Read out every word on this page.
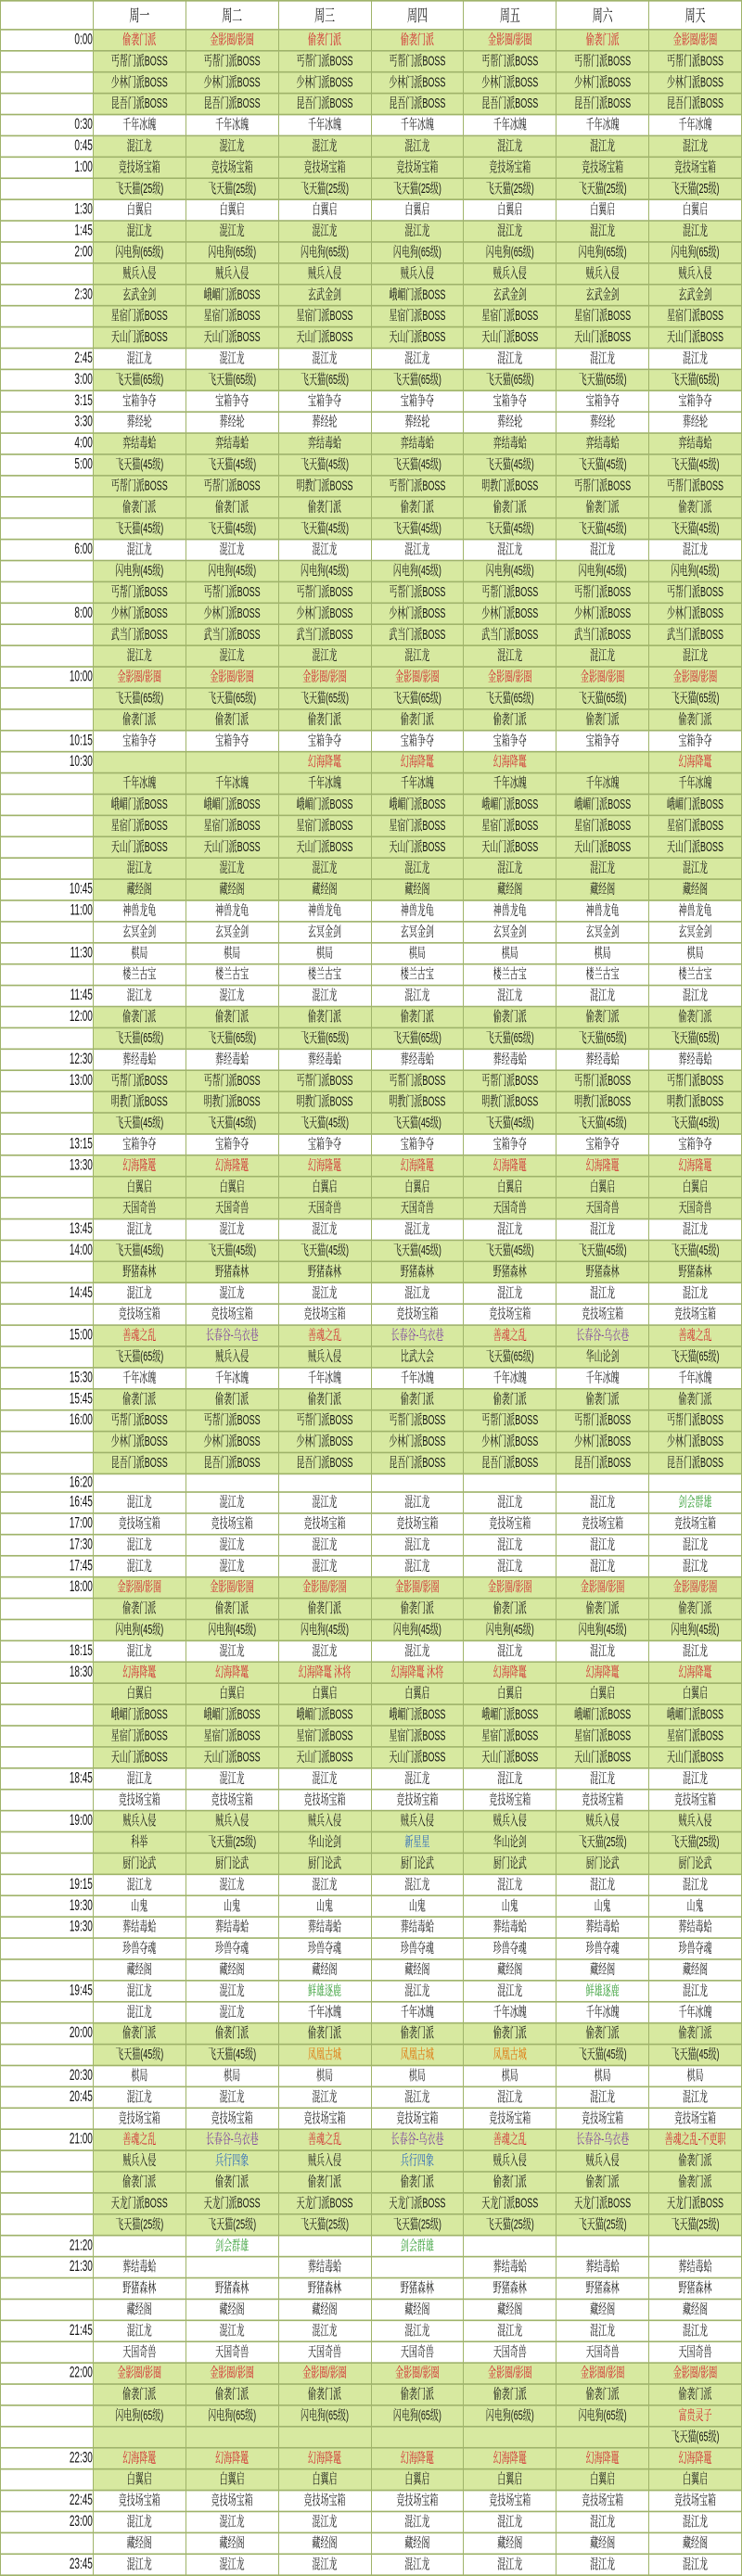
	周一	周二	周三	周四	周五	周六	周天
0:00	偷袭门派	金影圈/影圈	偷袭门派	偷袭门派	金影圈/影圈	偷袭门派	金影圈/影圈

	丐帮门派BOSS	丐帮门派BOSS	丐帮门派BOSS	丐帮门派BOSS	丐帮门派BOSS	丐帮门派BOSS	丐帮门派BOSS

	少林门派BOSS	少林门派BOSS	少林门派BOSS	少林门派BOSS	少林门派BOSS	少林门派BOSS	少林门派BOSS

	昆吾门派BOSS	昆吾门派BOSS	昆吾门派BOSS	昆吾门派BOSS	昆吾门派BOSS	昆吾门派BOSS	昆吾门派BOSS

0:30	千年冰魄	千年冰魄	千年冰魄	千年冰魄	千年冰魄	千年冰魄	千年冰魄

0:45	混江龙	混江龙	混江龙	混江龙	混江龙	混江龙	混江龙

1:00	竞技场宝箱	竞技场宝箱	竞技场宝箱	竞技场宝箱	竞技场宝箱	竞技场宝箱	竞技场宝箱

	飞天猫(25级)	飞天猫(25级)	飞天猫(25级)	飞天猫(25级)	飞天猫(25级)	飞天猫(25级)	飞天猫(25级)

1:30	白翼启	白翼启	白翼启	白翼启	白翼启	白翼启	白翼启

1:45	混江龙	混江龙	混江龙	混江龙	混江龙	混江龙	混江龙

2:00	闪电狗(65级)	闪电狗(65级)	闪电狗(65级)	闪电狗(65级)	闪电狗(65级)	闪电狗(65级)	闪电狗(65级)

	贼兵入侵	贼兵入侵	贼兵入侵	贼兵入侵	贼兵入侵	贼兵入侵	贼兵入侵

2:30	玄武金剑	峨嵋门派BOSS	玄武金剑	峨嵋门派BOSS	玄武金剑	玄武金剑	玄武金剑

	星宿门派BOSS	星宿门派BOSS	星宿门派BOSS	星宿门派BOSS	星宿门派BOSS	星宿门派BOSS	星宿门派BOSS

	天山门派BOSS	天山门派BOSS	天山门派BOSS	天山门派BOSS	天山门派BOSS	天山门派BOSS	天山门派BOSS

2:45	混江龙	混江龙	混江龙	混江龙	混江龙	混江龙	混江龙

3:00	飞天猫(65级)	飞天猫(65级)	飞天猫(65级)	飞天猫(65级)	飞天猫(65级)	飞天猫(65级)	飞天猫(65级)

3:15	宝箱争夺	宝箱争夺	宝箱争夺	宝箱争夺	宝箱争夺	宝箱争夺	宝箱争夺

3:30	葬经轮	葬经轮	葬经轮	葬经轮	葬经轮	葬经轮	葬经轮

4:00	弈结毒蛤	弈结毒蛤	弈结毒蛤	弈结毒蛤	弈结毒蛤	弈结毒蛤	弈结毒蛤

5:00	飞天猫(45级)	飞天猫(45级)	飞天猫(45级)	飞天猫(45级)	飞天猫(45级)	飞天猫(45级)	飞天猫(45级)

	丐帮门派BOSS	丐帮门派BOSS	明教门派BOSS	丐帮门派BOSS	明教门派BOSS	丐帮门派BOSS	丐帮门派BOSS

	偷袭门派	偷袭门派	偷袭门派	偷袭门派	偷袭门派	偷袭门派	偷袭门派

	飞天猫(45级)	飞天猫(45级)	飞天猫(45级)	飞天猫(45级)	飞天猫(45级)	飞天猫(45级)	飞天猫(45级)

6:00	混江龙	混江龙	混江龙	混江龙	混江龙	混江龙	混江龙

	闪电狗(45级)	闪电狗(45级)	闪电狗(45级)	闪电狗(45级)	闪电狗(45级)	闪电狗(45级)	闪电狗(45级)

	丐帮门派BOSS	丐帮门派BOSS	丐帮门派BOSS	丐帮门派BOSS	丐帮门派BOSS	丐帮门派BOSS	丐帮门派BOSS

8:00	少林门派BOSS	少林门派BOSS	少林门派BOSS	少林门派BOSS	少林门派BOSS	少林门派BOSS	少林门派BOSS

	武当门派BOSS	武当门派BOSS	武当门派BOSS	武当门派BOSS	武当门派BOSS	武当门派BOSS	武当门派BOSS

	混江龙	混江龙	混江龙	混江龙	混江龙	混江龙	混江龙

10:00	金影圈/影圈	金影圈/影圈	金影圈/影圈	金影圈/影圈	金影圈/影圈	金影圈/影圈	金影圈/影圈

	飞天猫(65级)	飞天猫(65级)	飞天猫(65级)	飞天猫(65级)	飞天猫(65级)	飞天猫(65级)	飞天猫(65级)

	偷袭门派	偷袭门派	偷袭门派	偷袭门派	偷袭门派	偷袭门派	偷袭门派

10:15	宝箱争夺	宝箱争夺	宝箱争夺	宝箱争夺	宝箱争夺	宝箱争夺	宝箱争夺

10:30			幻海降鼍	幻海降鼍	幻海降鼍		幻海降鼍

	千年冰魄	千年冰魄	千年冰魄	千年冰魄	千年冰魄	千年冰魄	千年冰魄

	峨嵋门派BOSS	峨嵋门派BOSS	峨嵋门派BOSS	峨嵋门派BOSS	峨嵋门派BOSS	峨嵋门派BOSS	峨嵋门派BOSS

	星宿门派BOSS	星宿门派BOSS	星宿门派BOSS	星宿门派BOSS	星宿门派BOSS	星宿门派BOSS	星宿门派BOSS

	天山门派BOSS	天山门派BOSS	天山门派BOSS	天山门派BOSS	天山门派BOSS	天山门派BOSS	天山门派BOSS

	混江龙	混江龙	混江龙	混江龙	混江龙	混江龙	混江龙

10:45	藏经阁	藏经阁	藏经阁	藏经阁	藏经阁	藏经阁	藏经阁

11:00	神兽龙龟	神兽龙龟	神兽龙龟	神兽龙龟	神兽龙龟	神兽龙龟	神兽龙龟

	玄冥金剑	玄冥金剑	玄冥金剑	玄冥金剑	玄冥金剑	玄冥金剑	玄冥金剑

11:30	棋局	棋局	棋局	棋局	棋局	棋局	棋局

	楼兰古宝	楼兰古宝	楼兰古宝	楼兰古宝	楼兰古宝	楼兰古宝	楼兰古宝

11:45	混江龙	混江龙	混江龙	混江龙	混江龙	混江龙	混江龙

12:00	偷袭门派	偷袭门派	偷袭门派	偷袭门派	偷袭门派	偷袭门派	偷袭门派

	飞天猫(65级)	飞天猫(65级)	飞天猫(65级)	飞天猫(65级)	飞天猫(65级)	飞天猫(65级)	飞天猫(65级)

12:30	葬经毒蛤	葬经毒蛤	葬经毒蛤	葬经毒蛤	葬经毒蛤	葬经毒蛤	葬经毒蛤

13:00	丐帮门派BOSS	丐帮门派BOSS	丐帮门派BOSS	丐帮门派BOSS	丐帮门派BOSS	丐帮门派BOSS	丐帮门派BOSS

	明教门派BOSS	明教门派BOSS	明教门派BOSS	明教门派BOSS	明教门派BOSS	明教门派BOSS	明教门派BOSS

	飞天猫(45级)	飞天猫(45级)	飞天猫(45级)	飞天猫(45级)	飞天猫(45级)	飞天猫(45级)	飞天猫(45级)

13:15	宝箱争夺	宝箱争夺	宝箱争夺	宝箱争夺	宝箱争夺	宝箱争夺	宝箱争夺

13:30	幻海隆鼍	幻海隆鼍	幻海隆鼍	幻海隆鼍	幻海隆鼍	幻海隆鼍	幻海隆鼍

	白翼启	白翼启	白翼启	白翼启	白翼启	白翼启	白翼启

	天国奇兽	天国奇兽	天国奇兽	天国奇兽	天国奇兽	天国奇兽	天国奇兽

13:45	混江龙	混江龙	混江龙	混江龙	混江龙	混江龙	混江龙

14:00	飞天猫(45级)	飞天猫(45级)	飞天猫(45级)	飞天猫(45级)	飞天猫(45级)	飞天猫(45级)	飞天猫(45级)

	野猪森林	野猪森林	野猪森林	野猪森林	野猪森林	野猪森林	野猪森林

14:45	混江龙	混江龙	混江龙	混江龙	混江龙	混江龙	混江龙

	竞技场宝箱	竞技场宝箱	竞技场宝箱	竞技场宝箱	竞技场宝箱	竞技场宝箱	竞技场宝箱

15:00	善魂之乱	长春谷-乌衣巷	善魂之乱	长春谷-乌衣巷	善魂之乱	长春谷-乌衣巷	善魂之乱

	飞天猫(65级)	贼兵入侵	贼兵入侵	比武大会	飞天猫(65级)	华山论剑	飞天猫(65级)

15:30	千年冰魄	千年冰魄	千年冰魄	千年冰魄	千年冰魄	千年冰魄	千年冰魄

15:45	偷袭门派	偷袭门派	偷袭门派	偷袭门派	偷袭门派	偷袭门派	偷袭门派

16:00	丐帮门派BOSS	丐帮门派BOSS	丐帮门派BOSS	丐帮门派BOSS	丐帮门派BOSS	丐帮门派BOSS	丐帮门派BOSS

	少林门派BOSS	少林门派BOSS	少林门派BOSS	少林门派BOSS	少林门派BOSS	少林门派BOSS	少林门派BOSS

	昆吾门派BOSS	昆吾门派BOSS	昆吾门派BOSS	昆吾门派BOSS	昆吾门派BOSS	昆吾门派BOSS	昆吾门派BOSS

16:20	

16:45	混江龙	混江龙	混江龙	混江龙	混江龙	混江龙	剑会群雄

17:00	竞技场宝箱	竞技场宝箱	竞技场宝箱	竞技场宝箱	竞技场宝箱	竞技场宝箱	竞技场宝箱

17:30	混江龙	混江龙	混江龙	混江龙	混江龙	混江龙	混江龙

17:45	混江龙	混江龙	混江龙	混江龙	混江龙	混江龙	混江龙

18:00	金影圈/影圈	金影圈/影圈	金影圈/影圈	金影圈/影圈	金影圈/影圈	金影圈/影圈	金影圈/影圈

	偷袭门派	偷袭门派	偷袭门派	偷袭门派	偷袭门派	偷袭门派	偷袭门派

	闪电狗(45级)	闪电狗(45级)	闪电狗(45级)	闪电狗(45级)	闪电狗(45级)	闪电狗(45级)	闪电狗(45级)

18:15	混江龙	混江龙	混江龙	混江龙	混江龙	混江龙	混江龙

18:30	幻海降鼍	幻海降鼍	幻海降鼍 沐将	幻海降鼍 沐将	幻海降鼍	幻海降鼍	幻海降鼍

	白翼启	白翼启	白翼启	白翼启	白翼启	白翼启	白翼启

	峨嵋门派BOSS	峨嵋门派BOSS	峨嵋门派BOSS	峨嵋门派BOSS	峨嵋门派BOSS	峨嵋门派BOSS	峨嵋门派BOSS

	星宿门派BOSS	星宿门派BOSS	星宿门派BOSS	星宿门派BOSS	星宿门派BOSS	星宿门派BOSS	星宿门派BOSS

	天山门派BOSS	天山门派BOSS	天山门派BOSS	天山门派BOSS	天山门派BOSS	天山门派BOSS	天山门派BOSS

18:45	混江龙	混江龙	混江龙	混江龙	混江龙	混江龙	混江龙

	竞技场宝箱	竞技场宝箱	竞技场宝箱	竞技场宝箱	竞技场宝箱	竞技场宝箱	竞技场宝箱

19:00	贼兵入侵	贼兵入侵	贼兵入侵	贼兵入侵	贼兵入侵	贼兵入侵	贼兵入侵

	科举	飞天猫(25级)	华山论剑	新星星	华山论剑	飞天猫(25级)	飞天猫(25级)

	厨门论武	厨门论武	厨门论武	厨门论武	厨门论武	厨门论武	厨门论武

19:15	混江龙	混江龙	混江龙	混江龙	混江龙	混江龙	混江龙

19:30	山鬼	山鬼	山鬼	山鬼	山鬼	山鬼	山鬼

19:30	葬结毒蛤	葬结毒蛤	葬结毒蛤	葬结毒蛤	葬结毒蛤	葬结毒蛤	葬结毒蛤

	珍兽夺魂	珍兽夺魂	珍兽夺魂	珍兽夺魂	珍兽夺魂	珍兽夺魂	珍兽夺魂

	藏经阁	藏经阁	藏经阁	藏经阁	藏经阁	藏经阁	藏经阁

19:45	混江龙	混江龙	鲜雄逐鹿	混江龙	混江龙	鲜雄逐鹿	混江龙

	混江龙	混江龙	千年冰魄	千年冰魄	千年冰魄	千年冰魄	千年冰魄

20:00	偷袭门派	偷袭门派	偷袭门派	偷袭门派	偷袭门派	偷袭门派	偷袭门派

	飞天猫(45级)	飞天猫(45级)	凤凰古城	凤凰古城	凤凰古城	飞天猫(45级)	飞天猫(45级)

20:30	棋局	棋局	棋局	棋局	棋局	棋局	棋局

20:45	混江龙	混江龙	混江龙	混江龙	混江龙	混江龙	混江龙

	竞技场宝箱	竞技场宝箱	竞技场宝箱	竞技场宝箱	竞技场宝箱	竞技场宝箱	竞技场宝箱

21:00	善魂之乱	长春谷-乌衣巷	善魂之乱	长春谷-乌衣巷	善魂之乱	长春谷-乌衣巷	善魂之乱-不更职

	贼兵入侵	兵行四象	贼兵入侵	兵行四象	贼兵入侵	贼兵入侵	偷袭门派

	偷袭门派	偷袭门派	偷袭门派	偷袭门派	偷袭门派	偷袭门派	偷袭门派

	天龙门派BOSS	天龙门派BOSS	天龙门派BOSS	天龙门派BOSS	天龙门派BOSS	天龙门派BOSS	天龙门派BOSS

	飞天猫(25级)	飞天猫(25级)	飞天猫(25级)	飞天猫(25级)	飞天猫(25级)	飞天猫(25级)	飞天猫(25级)

21:20		剑会群雄		剑会群雄			

21:30	葬结毒蛤		葬结毒蛤		葬结毒蛤	葬结毒蛤	葬结毒蛤

	野猪森林	野猪森林	野猪森林	野猪森林	野猪森林	野猪森林	野猪森林

	藏经阁	藏经阁	藏经阁	藏经阁	藏经阁	藏经阁	藏经阁

21:45	混江龙	混江龙	混江龙	混江龙	混江龙	混江龙	混江龙

	天国奇兽	天国奇兽	天国奇兽	天国奇兽	天国奇兽	天国奇兽	天国奇兽

22:00	金影圈/影圈	金影圈/影圈	金影圈/影圈	金影圈/影圈	金影圈/影圈	金影圈/影圈	金影圈/影圈

	偷袭门派	偷袭门派	偷袭门派	偷袭门派	偷袭门派	偷袭门派	偷袭门派

	闪电狗(65级)	闪电狗(65级)	闪电狗(65级)	闪电狗(65级)	闪电狗(65级)	闪电狗(65级)	富贵灵子

							飞天猫(65级)

22:30	幻海降鼍	幻海降鼍	幻海降鼍	幻海降鼍	幻海降鼍	幻海降鼍	幻海降鼍

	白翼启	白翼启	白翼启	白翼启	白翼启	白翼启	白翼启

22:45	竞技场宝箱	竞技场宝箱	竞技场宝箱	竞技场宝箱	竞技场宝箱	竞技场宝箱	竞技场宝箱

23:00	混江龙	混江龙	混江龙	混江龙	混江龙	混江龙	混江龙

	藏经阁	藏经阁	藏经阁	藏经阁	藏经阁	藏经阁	藏经阁

23:45	混江龙	混江龙	混江龙	混江龙	混江龙	混江龙	混江龙
